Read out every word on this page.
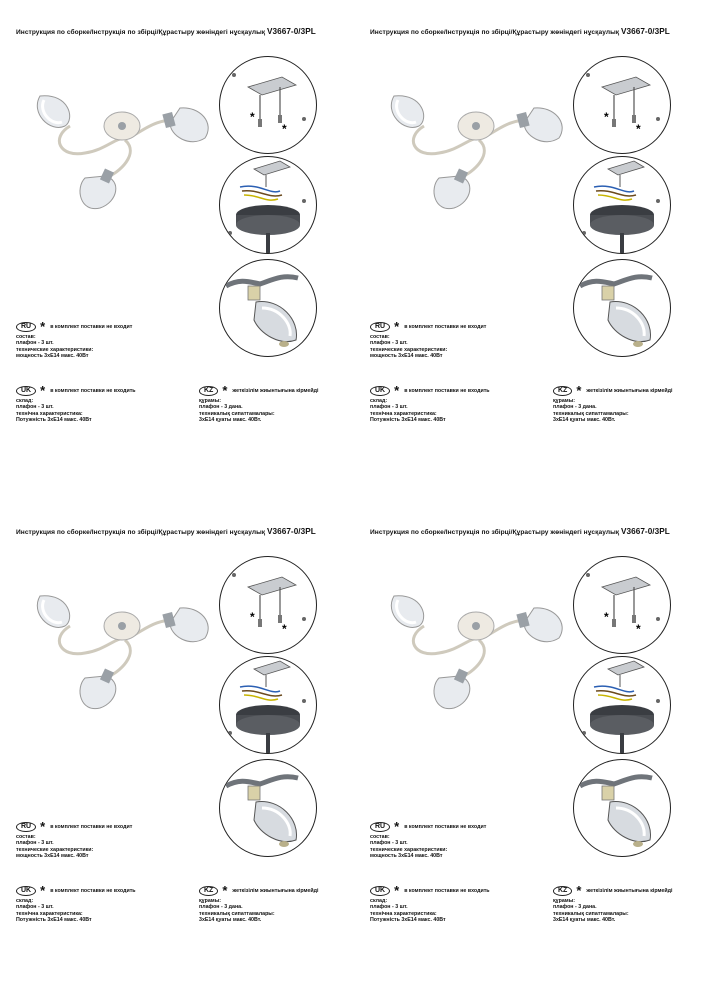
Инструкция по сборке/Інструкція по збірці/Құрастыру жөніндегі нұсқаулық V3667-0/3PL
*
*
RU * в комплект поставки не входит
состав:
плафон - 3 шт.
технические характеристики:
мощность 3хЕ14 макс. 40Вт
UK * в комплект поставки не входить
склад:
плафон - 3 шт.
технічна характеристика:
Потужність 3хЕ14 макс. 40Вт
KZ * жеткізілім жиынтығына кірмейді
құрамы:
плафон - 3 дана.
техникалық сипаттамалары:
3хЕ14 қуаты макс. 40Вт.
Инструкция по сборке/Інструкція по збірці/Құрастыру жөніндегі нұсқаулық V3667-0/3PL
*
*
RU * в комплект поставки не входит
состав:
плафон - 3 шт.
технические характеристики:
мощность 3хЕ14 макс. 40Вт
UK * в комплект поставки не входить
склад:
плафон - 3 шт.
технічна характеристика:
Потужність 3хЕ14 макс. 40Вт
KZ * жеткізілім жиынтығына кірмейді
құрамы:
плафон - 3 дана.
техникалық сипаттамалары:
3хЕ14 қуаты макс. 40Вт.
Инструкция по сборке/Інструкція по збірці/Құрастыру жөніндегі нұсқаулық V3667-0/3PL
*
*
RU * в комплект поставки не входит
состав:
плафон - 3 шт.
технические характеристики:
мощность 3хЕ14 макс. 40Вт
UK * в комплект поставки не входить
склад:
плафон - 3 шт.
технічна характеристика:
Потужність 3хЕ14 макс. 40Вт
KZ * жеткізілім жиынтығына кірмейді
құрамы:
плафон - 3 дана.
техникалық сипаттамалары:
3хЕ14 қуаты макс. 40Вт.
Инструкция по сборке/Інструкція по збірці/Құрастыру жөніндегі нұсқаулық V3667-0/3PL
*
*
RU * в комплект поставки не входит
состав:
плафон - 3 шт.
технические характеристики:
мощность 3хЕ14 макс. 40Вт
UK * в комплект поставки не входить
склад:
плафон - 3 шт.
технічна характеристика:
Потужність 3хЕ14 макс. 40Вт
KZ * жеткізілім жиынтығына кірмейді
құрамы:
плафон - 3 дана.
техникалық сипаттамалары:
3хЕ14 қуаты макс. 40Вт.
